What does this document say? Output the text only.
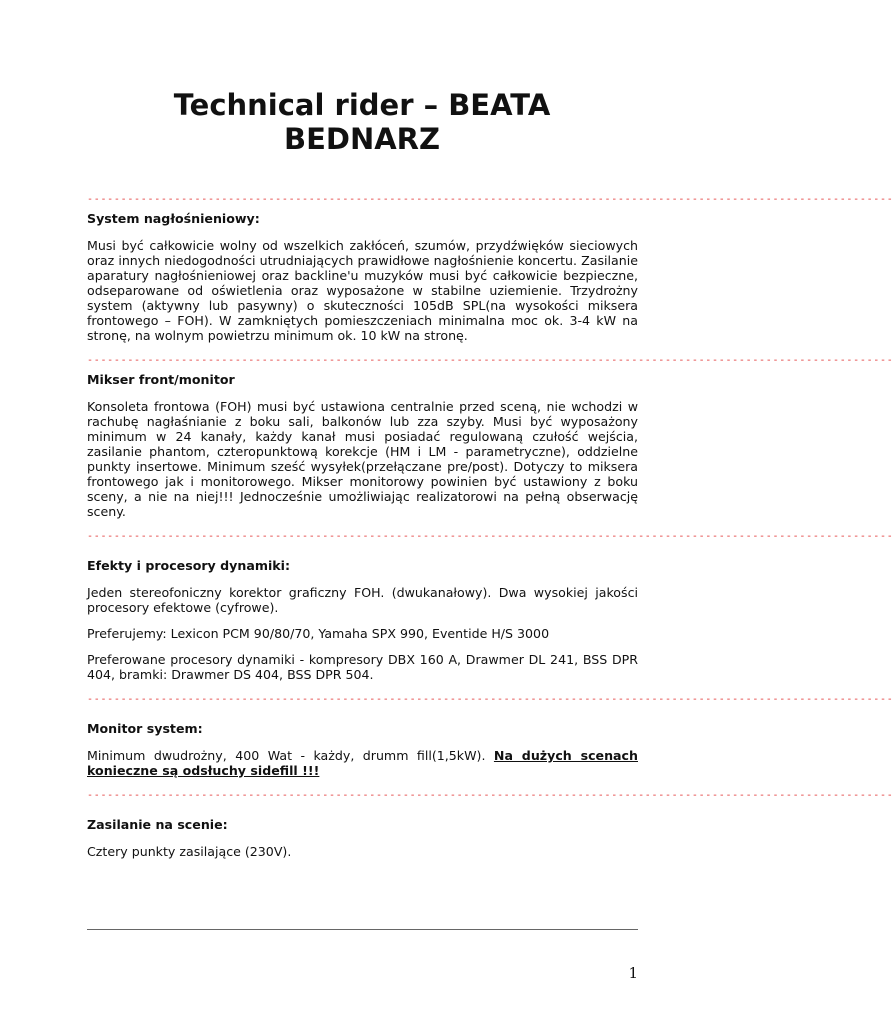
Technical rider – BEATA
BEDNARZ
------------------------------------------------------------------------------------------------------------------------
System nagłośnieniowy:

Musi być całkowicie wolny od wszelkich zakłóceń, szumów, przydźwięków sieciowych oraz innych niedogodności utrudniających prawidłowe nagłośnienie koncertu. Zasilanie aparatury nagłośnieniowej oraz backline'u muzyków musi być całkowicie bezpieczne, odseparowane od oświetlenia oraz wyposażone w stabilne uziemienie. Trzydrożny system (aktywny lub pasywny) o skuteczności 105dB SPL(na wysokości miksera frontowego – FOH). W zamkniętych pomieszczeniach minimalna moc ok. 3-4 kW na stronę, na wolnym powietrzu minimum ok. 10 kW na stronę.

------------------------------------------------------------------------------------------------------------------------
Mikser front/monitor

Konsoleta frontowa (FOH) musi być ustawiona centralnie przed sceną, nie wchodzi w rachubę nagłaśnianie z boku sali, balkonów lub zza szyby. Musi być wyposażony minimum w 24 kanały, każdy kanał musi posiadać regulowaną czułość wejścia, zasilanie phantom, czteropunktową korekcje (HM i LM - parametryczne), oddzielne punkty insertowe. Minimum sześć wysyłek(przełączane pre/post). Dotyczy to miksera frontowego jak i monitorowego. Mikser monitorowy powinien być ustawiony z boku sceny, a nie na niej!!! Jednocześnie umożliwiając realizatorowi na pełną obserwację sceny.

------------------------------------------------------------------------------------------------------------------------
Efekty i procesory dynamiki:

Jeden stereofoniczny korektor graficzny FOH. (dwukanałowy). Dwa wysokiej jakości procesory efektowe (cyfrowe).

Preferujemy: Lexicon PCM 90/80/70, Yamaha SPX 990, Eventide H/S 3000

Preferowane procesory dynamiki - kompresory DBX 160 A, Drawmer DL 241, BSS DPR 404, bramki: Drawmer DS 404, BSS DPR 504.

------------------------------------------------------------------------------------------------------------------------
Monitor system:

Minimum dwudrożny, 400 Wat - każdy, drumm fill(1,5kW). Na dużych scenach konieczne są odsłuchy sidefill !!!

------------------------------------------------------------------------------------------------------------------------
Zasilanie na scenie:

Cztery punkty zasilające (230V).

1
